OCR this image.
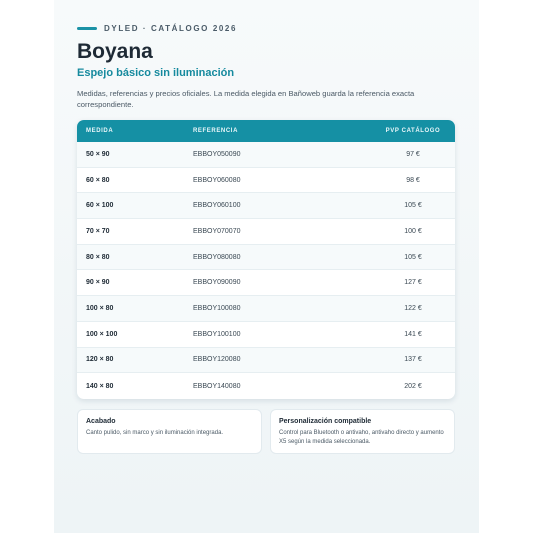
DYLED · CATÁLOGO 2026
Boyana
Espejo básico sin iluminación
Medidas, referencias y precios oficiales. La medida elegida en Bañoweb guarda la referencia exacta correspondiente.
MEDIDA	REFERENCIA	PVP CATÁLOGO
50 × 90	EBBOY050090	97 €
60 × 80	EBBOY060080	98 €
60 × 100	EBBOY060100	105 €
70 × 70	EBBOY070070	100 €
80 × 80	EBBOY080080	105 €
90 × 90	EBBOY090090	127 €
100 × 80	EBBOY100080	122 €
100 × 100	EBBOY100100	141 €
120 × 80	EBBOY120080	137 €
140 × 80	EBBOY140080	202 €
Acabado
Canto pulido, sin marco y sin iluminación integrada.
Personalización compatible
Control para Bluetooth o antivaho, antivaho directo y aumento X5 según la medida seleccionada.
